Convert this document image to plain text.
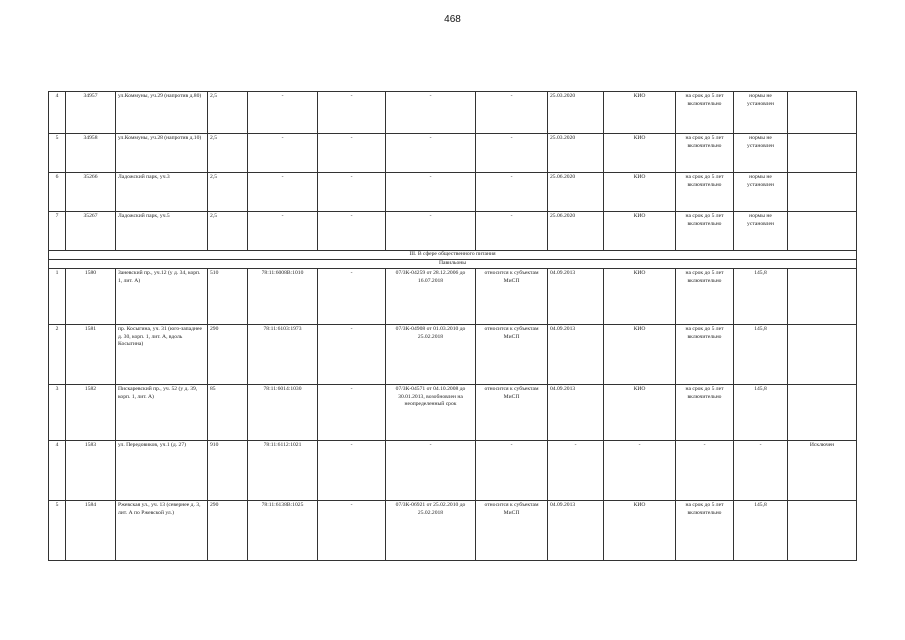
468
4	34957	ул.Коммуны, уч.29 (напротив д.80)	2,5	-	-	-	-	25.03.2020	КИО	на срок до 5 лет включительно	нормы не установлен	
5	34958	ул.Коммуны, уч.28 (напротив д.10)	2,5	-	-	-	-	25.03.2020	КИО	на срок до 5 лет включительно	нормы не установлен	
6	35266	Ладожский парк, уч.3	2,5	-	-	-	-	25.06.2020	КИО	на срок до 5 лет включительно	нормы не установлен	
7	35267	Ладожский парк, уч.5	2,5	-	-	-	-	25.06.2020	КИО	на срок до 5 лет включительно	нормы не установлен	
III. В сфере общественного питания												
Павильоны												
1	1580	Заневский пр., уч.12 (у д. 34, корп. 1, лит. А)	510	78:11:6008В:1010	-	07/ЗК-04259 от 28.12.2006 до 16.07.2018	относится к субъектам МиСП	04.09.2013	КИО	на срок до 5 лет включительно	145,8	
2	1581	пр. Косыгина, уч. 31 (юго-западнее д. 30, корп. 1, лит. А, вдоль Косыгина)	290	78:11:6103:1973	-	07/ЗК-04908 от 01.03.2010 до 25.02.2018	относится к субъектам МиСП	04.09.2013	КИО	на срок до 5 лет включительно	145,8	
3	1582	Пискаревский пр., уч. 52 (у д. 39, корп. 1, лит. А)	85	78:11:6014:1030	-	07/ЗК-04571 от 04.10.2008 до 30.01.2013, возобновлен на неопределенный срок	относится к субъектам МиСП	04.09.2013	КИО	на срок до 5 лет включительно	145,8	
4	1583	ул. Передовиков, уч.1 (д. 27)	910	78:11:6112:1021	-	-	-	-	-	-	-	Исключен
5	1584	Ржевская ул., уч. 13 (севернее д. 3, лит. А по Ржевской ул.)	290	78:11:6138В:1025	-	07/ЗК-06921 от 25.02.2010 до 25.02.2018	относится к субъектам МиСП	04.09.2013	КИО	на срок до 5 лет включительно	145,8	
